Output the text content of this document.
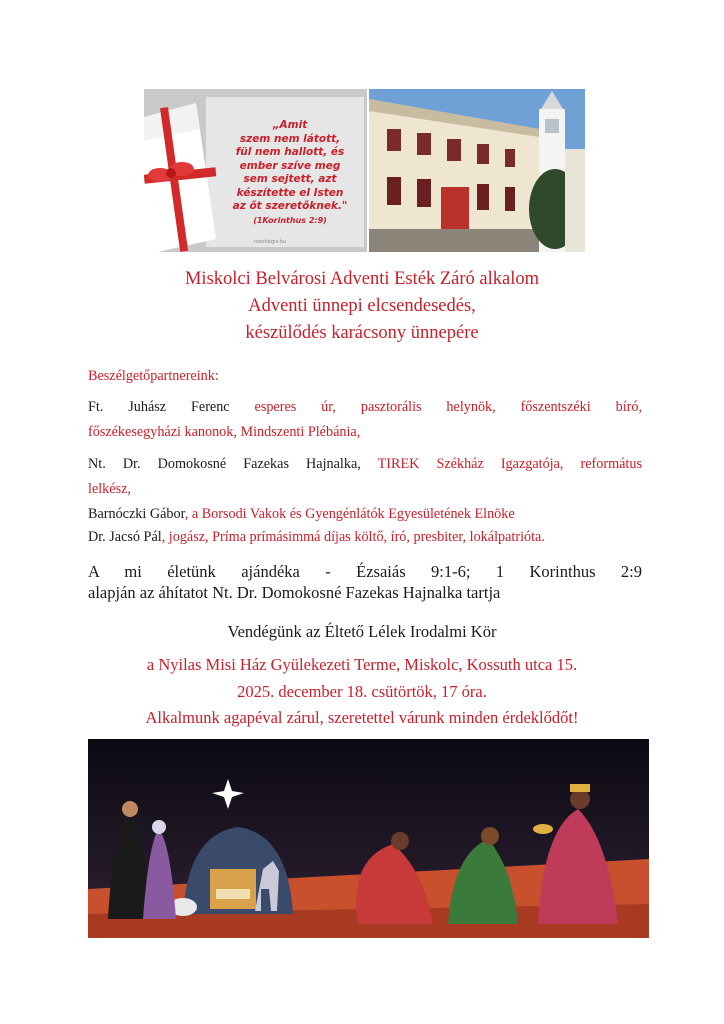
„Amit
szem nem látott,
fül nem hallott, és
ember szíve meg
sem sejtett, azt
készítette el Isten
az őt szeretőknek."
(1Korinthus 2:9)
mostlegiv.hu
Miskolci Belvárosi Adventi Esték Záró alkalom
Adventi ünnepi elcsendesedés,
készülődés karácsony ünnepére
Beszélgetőpartnereink:
Ft. Juhász Ferenc esperes úr, pasztorális helynök, főszentszéki bíró,
főszékesegyházi kanonok, Mindszenti Plébánia,
Nt. Dr. Domokosné Fazekas Hajnalka, TIREK Székház Igazgatója, református
lelkész,
Barnóczki Gábor, a Borsodi Vakok és Gyengénlátók Egyesületének Elnöke
Dr. Jacsó Pál, jogász, Príma prímásimmá díjas költő, író, presbiter, lokálpatrióta.
A mi életünk ajándéka - Ézsaiás 9:1-6; 1 Korinthus 2:9
alapján az áhítatot Nt. Dr. Domokosné Fazekas Hajnalka tartja
Vendégünk az Éltető Lélek Irodalmi Kör
a Nyilas Misi Ház Gyülekezeti Terme, Miskolc, Kossuth utca 15.
2025. december 18. csütörtök, 17 óra.
Alkalmunk agapéval zárul, szeretettel várunk minden érdeklődőt!
